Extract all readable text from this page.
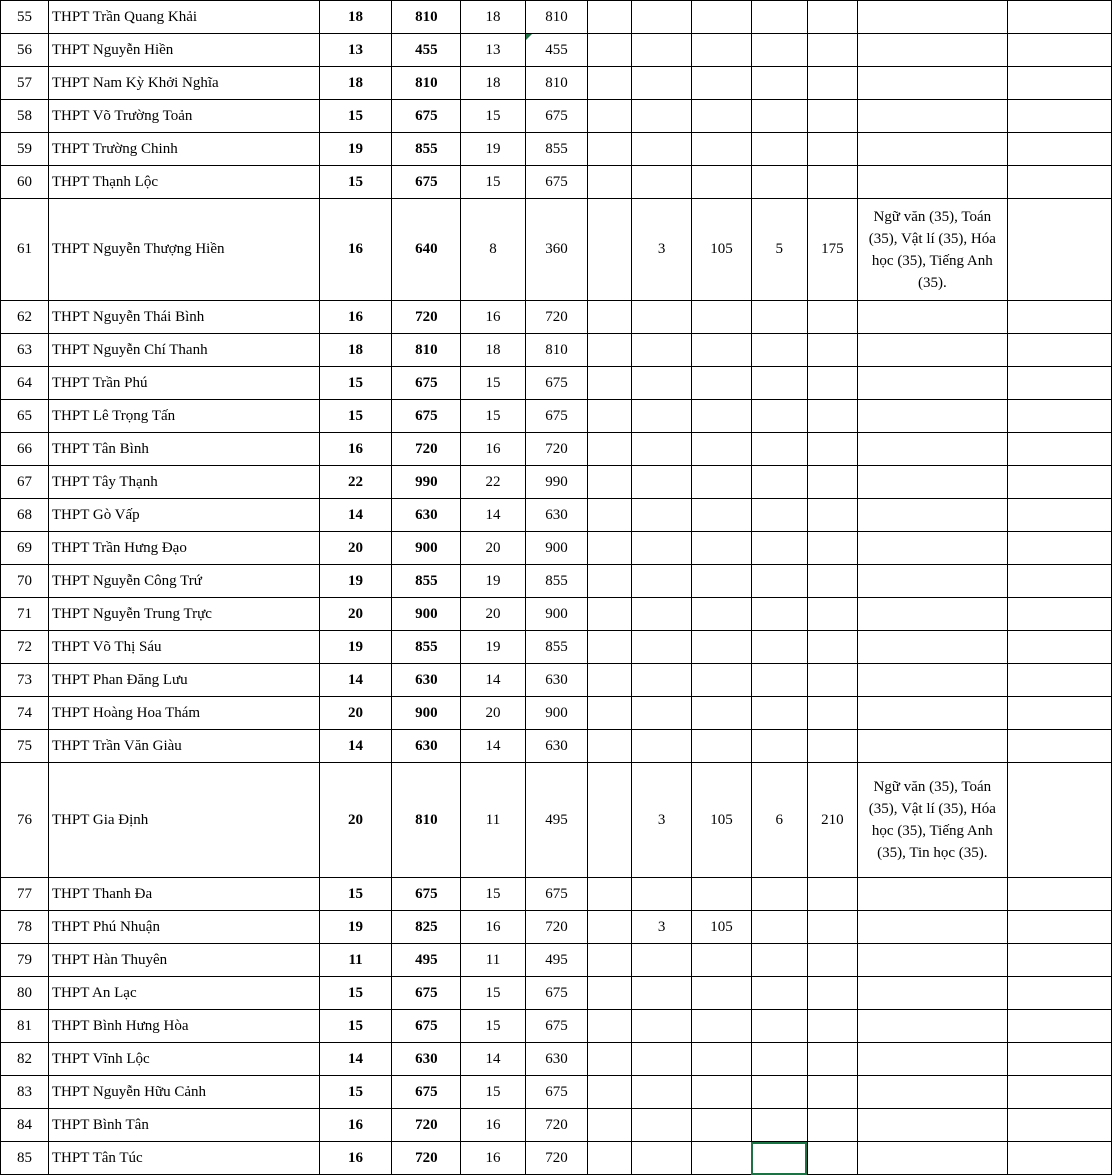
55	THPT Trần Quang Khải	18	810	18	810							
56	THPT Nguyễn Hiền	13	455	13	455							
57	THPT Nam Kỳ Khởi Nghĩa	18	810	18	810							
58	THPT Võ Trường Toản	15	675	15	675							
59	THPT Trường Chinh	19	855	19	855							
60	THPT Thạnh Lộc	15	675	15	675							
61	THPT Nguyễn Thượng Hiền	16	640	8	360		3	105	5	175	Ngữ văn (35), Toán (35), Vật lí (35), Hóa học (35), Tiếng Anh (35).	
62	THPT Nguyễn Thái Bình	16	720	16	720							
63	THPT Nguyễn Chí Thanh	18	810	18	810							
64	THPT Trần Phú	15	675	15	675							
65	THPT Lê Trọng Tấn	15	675	15	675							
66	THPT Tân Bình	16	720	16	720							
67	THPT Tây Thạnh	22	990	22	990							
68	THPT Gò Vấp	14	630	14	630							
69	THPT Trần Hưng Đạo	20	900	20	900							
70	THPT Nguyễn Công Trứ	19	855	19	855							
71	THPT Nguyễn Trung Trực	20	900	20	900							
72	THPT Võ Thị Sáu	19	855	19	855							
73	THPT Phan Đăng Lưu	14	630	14	630							
74	THPT Hoàng Hoa Thám	20	900	20	900							
75	THPT Trần Văn Giàu	14	630	14	630							
76	THPT Gia Định	20	810	11	495		3	105	6	210	Ngữ văn (35), Toán (35), Vật lí (35), Hóa học (35), Tiếng Anh (35), Tin học (35).	
77	THPT Thanh Đa	15	675	15	675							
78	THPT Phú Nhuận	19	825	16	720		3	105				
79	THPT Hàn Thuyên	11	495	11	495							
80	THPT An Lạc	15	675	15	675							
81	THPT Bình Hưng Hòa	15	675	15	675							
82	THPT Vĩnh Lộc	14	630	14	630							
83	THPT Nguyễn Hữu Cảnh	15	675	15	675							
84	THPT Bình Tân	16	720	16	720							
85	THPT Tân Túc	16	720	16	720							
